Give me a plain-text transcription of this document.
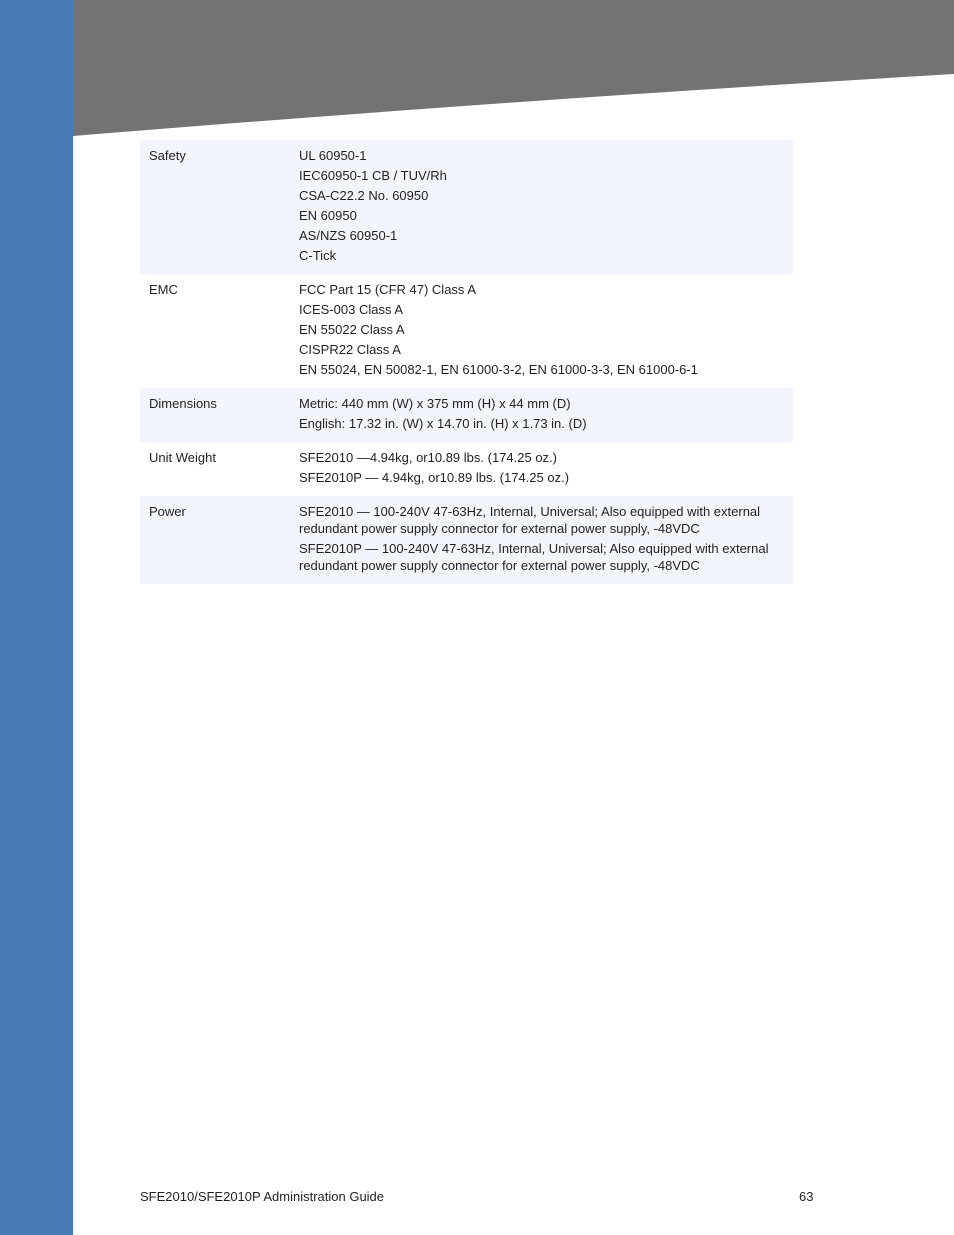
Safety	UL 60950-1
IEC60950-1 CB / TUV/Rh
CSA-C22.2 No. 60950
EN 60950
AS/NZS 60950-1
C-Tick
EMC	FCC Part 15 (CFR 47) Class A
ICES-003 Class A
EN 55022 Class A
CISPR22 Class A
EN 55024, EN 50082-1, EN 61000-3-2, EN 61000-3-3, EN 61000-6-1
Dimensions	Metric: 440 mm (W) x 375 mm (H) x 44 mm (D)
English: 17.32 in. (W) x 14.70 in. (H) x 1.73 in. (D)
Unit Weight	SFE2010 —4.94kg, or10.89 lbs. (174.25 oz.)
SFE2010P — 4.94kg, or10.89 lbs. (174.25 oz.)
Power	SFE2010 — 100-240V 47-63Hz, Internal, Universal; Also equipped with external redundant power supply connector for external power supply, -48VDC
SFE2010P — 100-240V 47-63Hz, Internal, Universal; Also equipped with external redundant power supply connector for external power supply, -48VDC
SFE2010/SFE2010P Administration Guide	63
